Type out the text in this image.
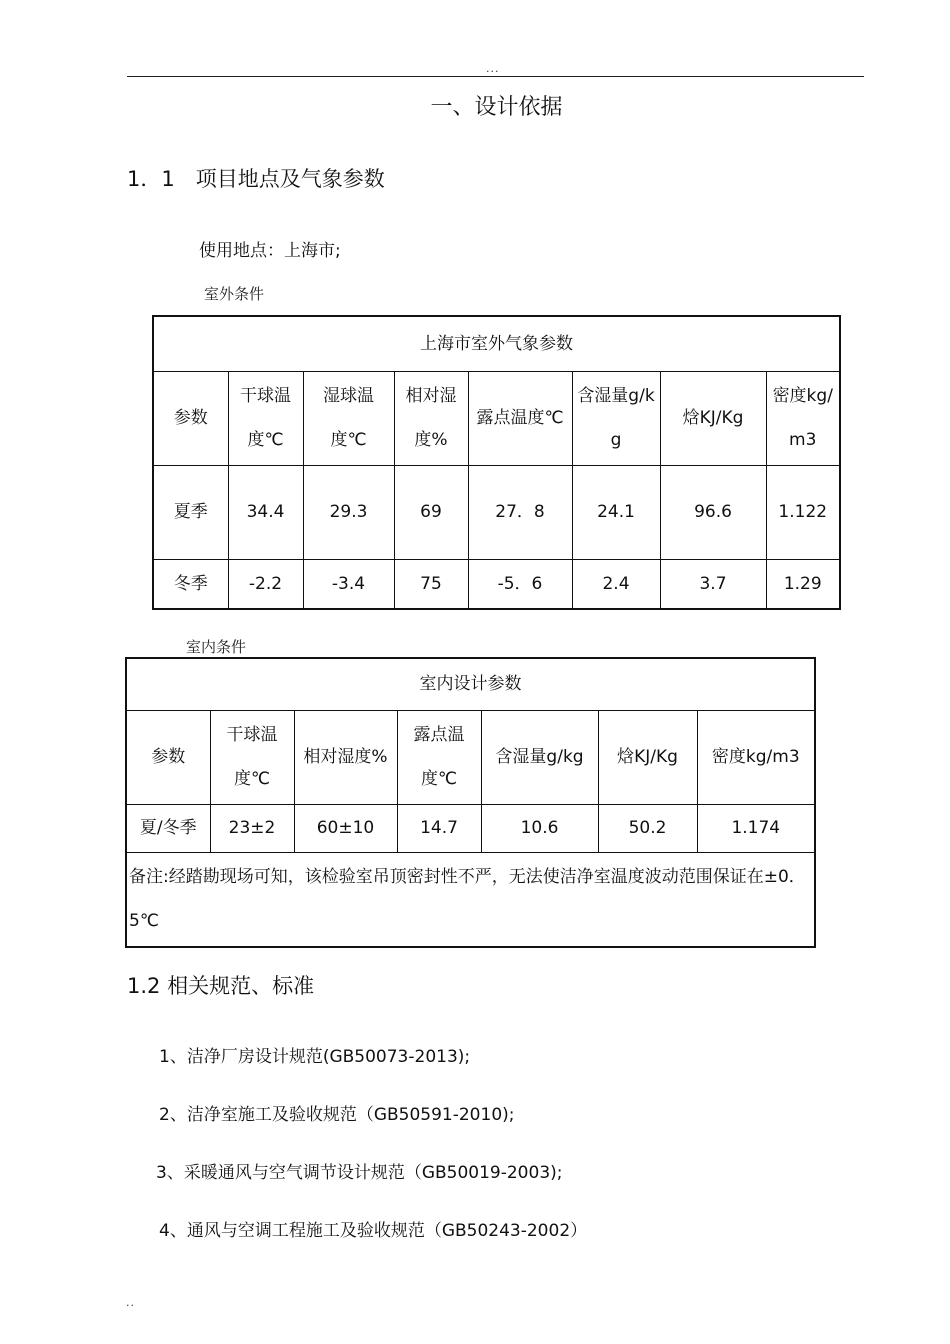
...
一、设计依据
1．1　项目地点及气象参数
使用地点：上海市;
室外条件
上海市室外气象参数							
参数	干球温度℃	湿球温度℃	相对湿度%	露点温度℃	含湿量g/kg	焓KJ/Kg	密度kg/m3
夏季	34.4	29.3	69	27．8	24.1	96.6	1.122
冬季	-2.2	-3.4	75	-5．6	2.4	3.7	1.29
室内条件
室内设计参数						
参数	干球温度℃	相对湿度%	露点温度℃	含湿量g/kg	焓KJ/Kg	密度kg/m3
夏/冬季	23±2	60±10	14.7	10.6	50.2	1.174
备注:经踏勘现场可知，该检验室吊顶密封性不严，无法使洁净室温度波动范围保证在±0．5℃						
1.2 相关规范、标准
1、洁净厂房设计规范(GB50073-2013);
2、洁净室施工及验收规范（GB50591-2010);
3、采暖通风与空气调节设计规范（GB50019-2003);
4、通风与空调工程施工及验收规范（GB50243-2002）
..
